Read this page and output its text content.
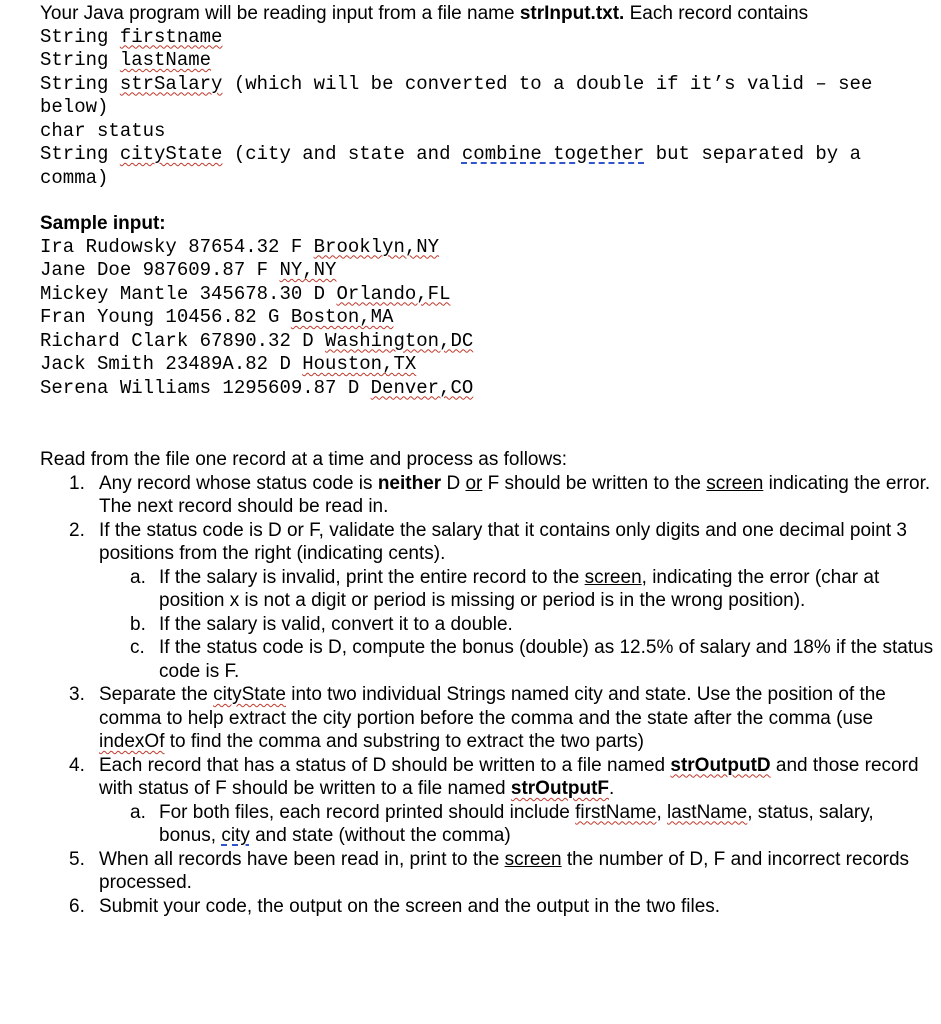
Your Java program will be reading input from a file name strInput.txt. Each record contains

String firstname

String lastName

String strSalary (which will be converted to a double if it’s valid – see below)

char status

String cityState (city and state and combine together but separated by a comma)

Sample input:

Ira Rudowsky 87654.32 F Brooklyn,NY

Jane Doe 987609.87 F NY,NY

Mickey Mantle 345678.30 D Orlando,FL

Fran Young 10456.82 G Boston,MA

Richard Clark 67890.32 D Washington,DC

Jack Smith 23489A.82 D Houston,TX

Serena Williams 1295609.87 D Denver,CO

Read from the file one record at a time and process as follows:

1. Any record whose status code is neither D or F should be written to the screen indicating the error. The next record should be read in.
2. If the status code is D or F, validate the salary that it contains only digits and one decimal point 3 positions from the right (indicating cents).
a. If the salary is invalid, print the entire record to the screen, indicating the error (char at position x is not a digit or period is missing or period is in the wrong position).
b. If the salary is valid, convert it to a double.
c. If the status code is D, compute the bonus (double) as 12.5% of salary and 18% if the status code is F.
3. Separate the cityState into two individual Strings named city and state. Use the position of the comma to help extract the city portion before the comma and the state after the comma (use indexOf to find the comma and substring to extract the two parts)
4. Each record that has a status of D should be written to a file named strOutputD and those record with status of F should be written to a file named strOutputF.
a. For both files, each record printed should include firstName, lastName, status, salary, bonus, city and state (without the comma)
5. When all records have been read in, print to the screen the number of D, F and incorrect records processed.
6. Submit your code, the output on the screen and the output in the two files.
